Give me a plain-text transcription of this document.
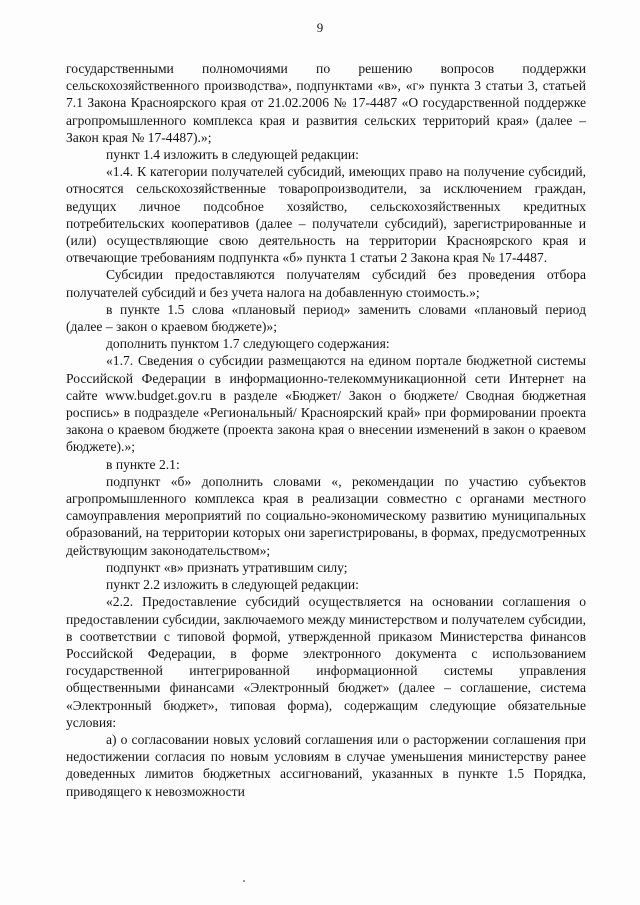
9

государственными полномочиями по решению вопросов поддержки сельскохозяйственного производства», подпунктами «в», «г» пункта 3 статьи 3, статьей 7.1 Закона Красноярского края от 21.02.2006 № 17-4487 «О государственной поддержке агропромышленного комплекса края и развития сельских территорий края» (далее – Закон края № 17-4487).»;

пункт 1.4 изложить в следующей редакции:

«1.4. К категории получателей субсидий, имеющих право на получение субсидий, относятся сельскохозяйственные товаропроизводители, за исключением граждан, ведущих личное подсобное хозяйство, сельскохозяйственных кредитных потребительских кооперативов (далее – получатели субсидий), зарегистрированные и (или) осуществляющие свою деятельность на территории Красноярского края и отвечающие требованиям подпункта «б» пункта 1 статьи 2 Закона края № 17-4487.

Субсидии предоставляются получателям субсидий без проведения отбора получателей субсидий и без учета налога на добавленную стоимость.»;

в пункте 1.5 слова «плановый период» заменить словами «плановый период (далее – закон о краевом бюджете)»;

дополнить пунктом 1.7 следующего содержания:

«1.7. Сведения о субсидии размещаются на едином портале бюджетной системы Российской Федерации в информационно-телекоммуникационной сети Интернет на сайте www.budget.gov.ru в разделе «Бюджет/ Закон о бюджете/ Сводная бюджетная роспись» в подразделе «Региональный/ Красноярский край» при формировании проекта закона о краевом бюджете (проекта закона края о внесении изменений в закон о краевом бюджете).»;

в пункте 2.1:

подпункт «б» дополнить словами «, рекомендации по участию субъектов агропромышленного комплекса края в реализации совместно с органами местного самоуправления мероприятий по социально-экономическому развитию муниципальных образований, на территории которых они зарегистрированы, в формах, предусмотренных действующим законодательством»;

подпункт «в» признать утратившим силу;

пункт 2.2 изложить в следующей редакции:

«2.2. Предоставление субсидий осуществляется на основании соглашения о предоставлении субсидии, заключаемого между министерством и получателем субсидии, в соответствии с типовой формой, утвержденной приказом Министерства финансов Российской Федерации, в форме электронного документа с использованием государственной интегрированной информационной системы управления общественными финансами «Электронный бюджет» (далее – соглашение, система «Электронный бюджет», типовая форма), содержащим следующие обязательные условия:

а) о согласовании новых условий соглашения или о расторжении соглашения при недостижении согласия по новым условиям в случае уменьшения министерству ранее доведенных лимитов бюджетных ассигнований, указанных в пункте 1.5 Порядка, приводящего к невозможности
